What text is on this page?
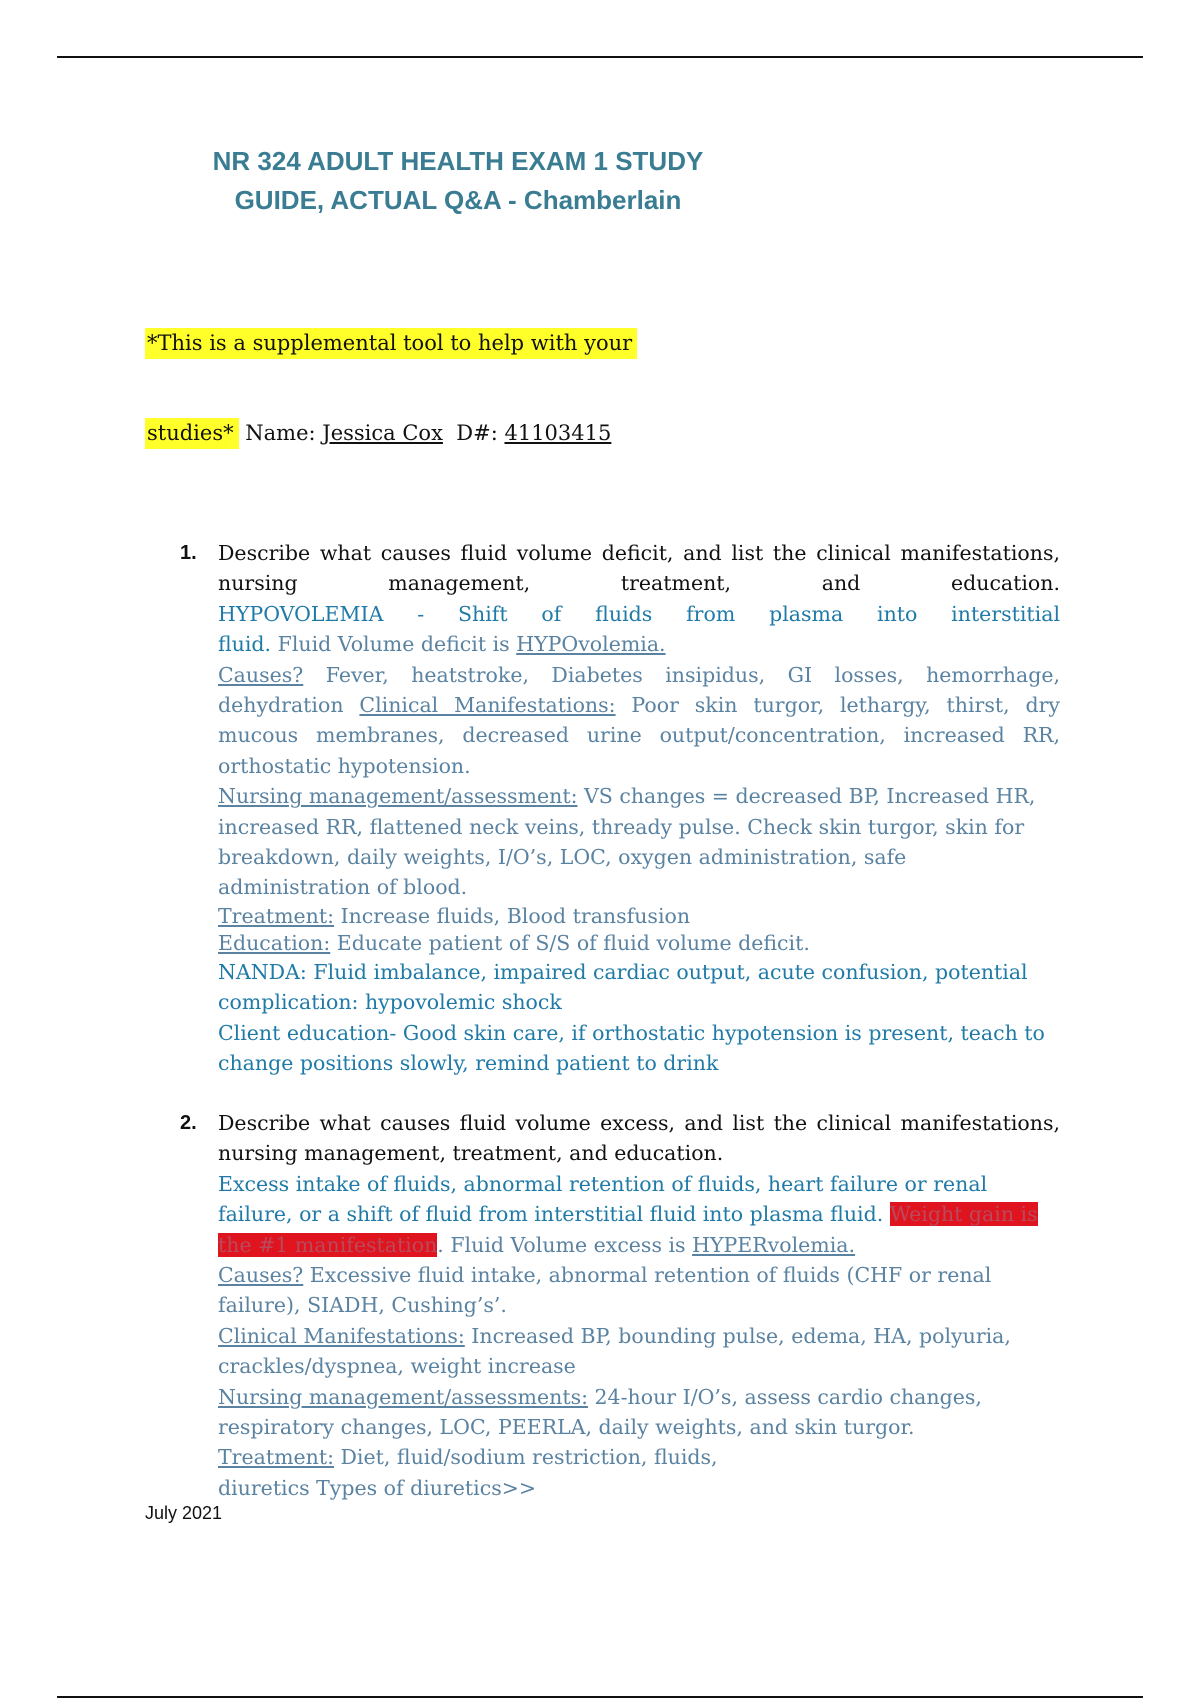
NR 324 ADULT HEALTH EXAM 1 STUDY
GUIDE, ACTUAL Q&A - Chamberlain
*This is a supplemental tool to help with your
studies* Name: Jessica Cox  D#: 41103415
1. Describe what causes fluid volume deficit, and list the clinical manifestations, nursing management, treatment, and education.
HYPOVOLEMIA - Shift of fluids from plasma into interstitial
fluid. Fluid Volume deficit is HYPOvolemia.
Causes? Fever, heatstroke, Diabetes insipidus, GI losses, hemorrhage, dehydration Clinical Manifestations: Poor skin turgor, lethargy, thirst, dry mucous membranes, decreased urine output/concentration, increased RR, orthostatic hypotension.
Nursing management/assessment: VS changes = decreased BP, Increased HR, increased RR, flattened neck veins, thready pulse. Check skin turgor, skin for breakdown, daily weights, I/O’s, LOC, oxygen administration, safe administration of blood.
Treatment: Increase fluids, Blood transfusion
Education: Educate patient of S/S of fluid volume deficit.
NANDA: Fluid imbalance, impaired cardiac output, acute confusion, potential complication: hypovolemic shock
Client education- Good skin care, if orthostatic hypotension is present, teach to change positions slowly, remind patient to drink
2. Describe what causes fluid volume excess, and list the clinical manifestations, nursing management, treatment, and education.
Excess intake of fluids, abnormal retention of fluids, heart failure or renal failure, or a shift of fluid from interstitial fluid into plasma fluid. Weight gain is the #1 manifestation. Fluid Volume excess is HYPERvolemia.
Causes? Excessive fluid intake, abnormal retention of fluids (CHF or renal failure), SIADH, Cushing’s’.
Clinical Manifestations: Increased BP, bounding pulse, edema, HA, polyuria, crackles/dyspnea, weight increase
Nursing management/assessments: 24-hour I/O’s, assess cardio changes, respiratory changes, LOC, PEERLA, daily weights, and skin turgor.
Treatment: Diet, fluid/sodium restriction, fluids,
diuretics Types of diuretics>>
July 2021
